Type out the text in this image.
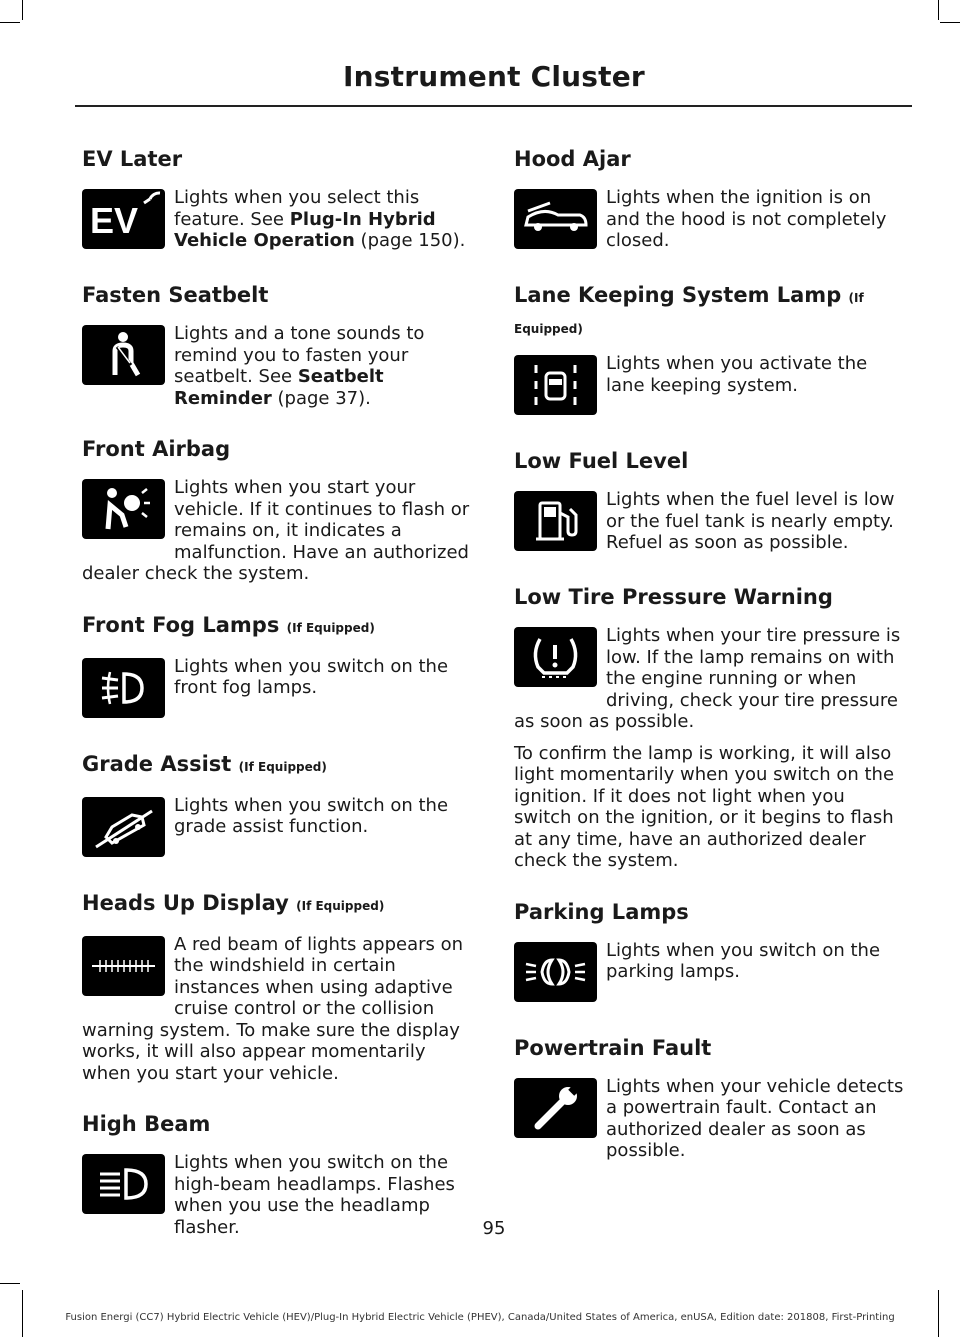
Instrument Cluster
EV Later
EV

Lights when you select this feature. See Plug-In Hybrid Vehicle Operation (page 150).

Fasten Seatbelt

Lights and a tone sounds to remind you to fasten your seatbelt. See Seatbelt Reminder (page 37).

Front Airbag

Lights when you start your vehicle. If it continues to flash or remains on, it indicates a malfunction. Have an authorized dealer check the system.

Front Fog Lamps (If Equipped)

Lights when you switch on the front fog lamps.

Grade Assist (If Equipped)

Lights when you switch on the grade assist function.

Heads Up Display (If Equipped)

A red beam of lights appears on the windshield in certain instances when using adaptive cruise control or the collision warning system. To make sure the display works, it will also appear momentarily when you start your vehicle.

High Beam

Lights when you switch on the high-beam headlamps. Flashes when you use the headlamp flasher.

Hood Ajar

Lights when the ignition is on and the hood is not completely closed.

Lane Keeping System Lamp (If Equipped)

Lights when you activate the lane keeping system.

Low Fuel Level

Lights when the fuel level is low or the fuel tank is nearly empty. Refuel as soon as possible.

Low Tire Pressure Warning

Lights when your tire pressure is low. If the lamp remains on with the engine running or when driving, check your tire pressure as soon as possible.

To confirm the lamp is working, it will also light momentarily when you switch on the ignition. If it does not light when you switch on the ignition, or it begins to flash at any time, have an authorized dealer check the system.

Parking Lamps

Lights when you switch on the parking lamps.

Powertrain Fault

Lights when your vehicle detects a powertrain fault. Contact an authorized dealer as soon as possible.

95
Fusion Energi (CC7) Hybrid Electric Vehicle (HEV)/Plug-In Hybrid Electric Vehicle (PHEV), Canada/United States of America, enUSA, Edition date: 201808, First-Printing
